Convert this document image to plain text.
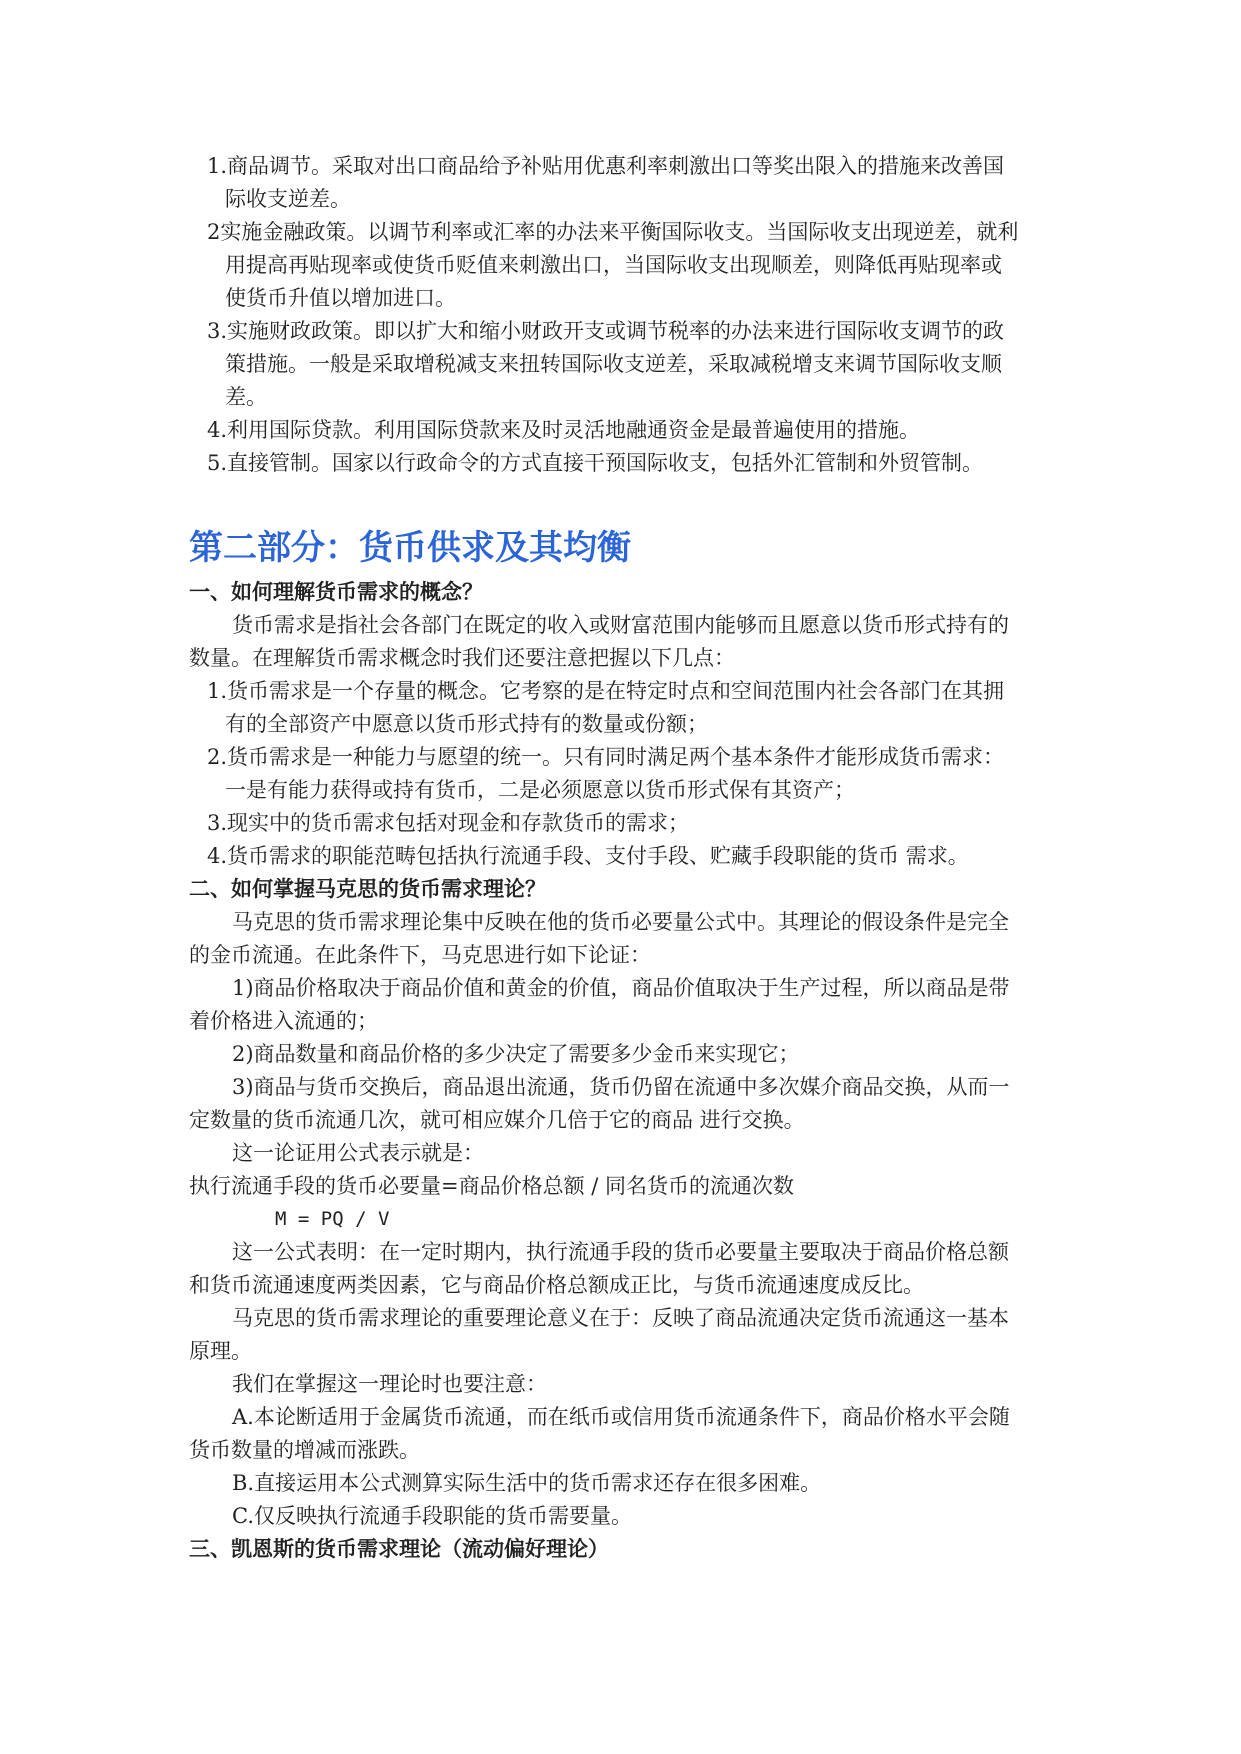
1.商品调节。采取对出口商品给予补贴用优惠利率刺激出口等奖出限入的措施来改善国
际收支逆差。
2实施金融政策。以调节利率或汇率的办法来平衡国际收支。当国际收支出现逆差，就利
用提高再贴现率或使货币贬值来刺激出口，当国际收支出现顺差，则降低再贴现率或
使货币升值以增加进口。
3.实施财政政策。即以扩大和缩小财政开支或调节税率的办法来进行国际收支调节的政
策措施。一般是采取增税减支来扭转国际收支逆差，采取减税增支来调节国际收支顺
差。
4.利用国际贷款。利用国际贷款来及时灵活地融通资金是最普遍使用的措施。
5.直接管制。国家以行政命令的方式直接干预国际收支，包括外汇管制和外贸管制。
第二部分：货币供求及其均衡
一、如何理解货币需求的概念？
货币需求是指社会各部门在既定的收入或财富范围内能够而且愿意以货币形式持有的
数量。在理解货币需求概念时我们还要注意把握以下几点：
1.货币需求是一个存量的概念。它考察的是在特定时点和空间范围内社会各部门在其拥
有的全部资产中愿意以货币形式持有的数量或份额；
2.货币需求是一种能力与愿望的统一。只有同时满足两个基本条件才能形成货币需求：
一是有能力获得或持有货币，二是必须愿意以货币形式保有其资产；
3.现实中的货币需求包括对现金和存款货币的需求；
4.货币需求的职能范畴包括执行流通手段、支付手段、贮藏手段职能的货币 需求。
二、如何掌握马克思的货币需求理论？
马克思的货币需求理论集中反映在他的货币必要量公式中。其理论的假设条件是完全
的金币流通。在此条件下，马克思进行如下论证：
1)商品价格取决于商品价值和黄金的价值，商品价值取决于生产过程，所以商品是带
着价格进入流通的；
2)商品数量和商品价格的多少决定了需要多少金币来实现它；
3)商品与货币交换后，商品退出流通，货币仍留在流通中多次媒介商品交换，从而一
定数量的货币流通几次，就可相应媒介几倍于它的商品 进行交换。
这一论证用公式表示就是：
执行流通手段的货币必要量=商品价格总额 / 同名货币的流通次数
M = PQ / V
这一公式表明：在一定时期内，执行流通手段的货币必要量主要取决于商品价格总额
和货币流通速度两类因素，它与商品价格总额成正比，与货币流通速度成反比。
马克思的货币需求理论的重要理论意义在于：反映了商品流通决定货币流通这一基本
原理。
我们在掌握这一理论时也要注意：
A.本论断适用于金属货币流通，而在纸币或信用货币流通条件下，商品价格水平会随
货币数量的增减而涨跌。
B.直接运用本公式测算实际生活中的货币需求还存在很多困难。
C.仅反映执行流通手段职能的货币需要量。
三、凯恩斯的货币需求理论（流动偏好理论）
